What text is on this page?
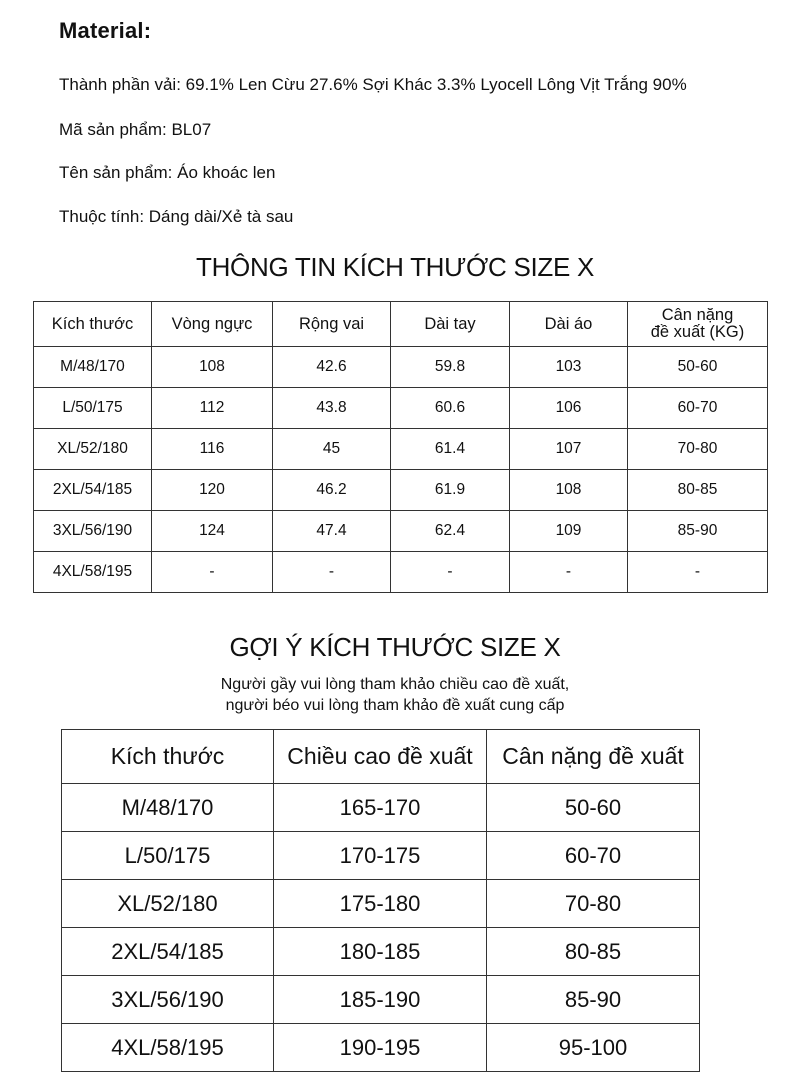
Material:
Thành phần vải: 69.1% Len Cừu 27.6% Sợi Khác 3.3% Lyocell Lông Vịt Trắng 90%
Mã sản phẩm: BL07
Tên sản phẩm: Áo khoác len
Thuộc tính: Dáng dài/Xẻ tà sau
THÔNG TIN KÍCH THƯỚC SIZE X
Kích thước	Vòng ngực	Rộng vai	Dài tay	Dài áo	Cân nặng
đề xuất (KG)
M/48/170	108	42.6	59.8	103	50-60
L/50/175	112	43.8	60.6	106	60-70
XL/52/180	116	45	61.4	107	70-80
2XL/54/185	120	46.2	61.9	108	80-85
3XL/56/190	124	47.4	62.4	109	85-90
4XL/58/195	-	-	-	-	-
GỢI Ý KÍCH THƯỚC SIZE X
Người gầy vui lòng tham khảo chiều cao đề xuất,
người béo vui lòng tham khảo đề xuất cung cấp
Kích thước	Chiều cao đề xuất	Cân nặng đề xuất
M/48/170	165-170	50-60
L/50/175	170-175	60-70
XL/52/180	175-180	70-80
2XL/54/185	180-185	80-85
3XL/56/190	185-190	85-90
4XL/58/195	190-195	95-100
